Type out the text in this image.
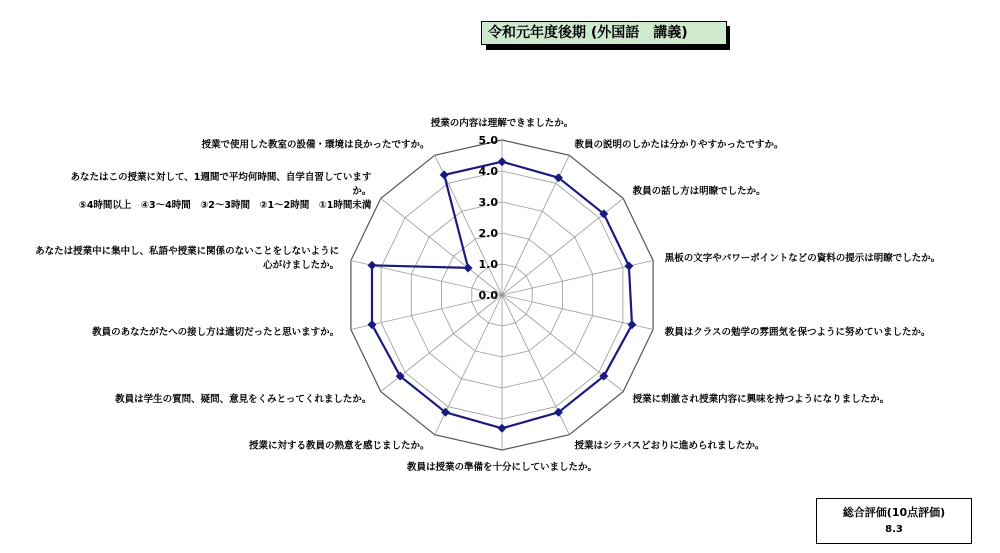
令和元年度後期 (外国語　講義)
0.0
1.0
2.0
3.0
4.0
5.0
授業の内容は理解できましたか。
教員の説明のしかたは分かりやすかったですか。
教員の話し方は明瞭でしたか。
黒板の文字やパワーポイントなどの資料の提示は明瞭でしたか。
教員はクラスの勉学の雰囲気を保つように努めていましたか。
授業に刺激され授業内容に興味を持つようになりましたか。
授業はシラバスどおりに進められましたか。
教員は授業の準備を十分にしていましたか。
授業に対する教員の熱意を感じましたか。
教員は学生の質問、疑問、意見をくみとってくれましたか。
教員のあなたがたへの接し方は適切だったと思いますか。
あなたは授業中に集中し、私語や授業に関係のないことをしないように心がけましたか。
あなたはこの授業に対して、1週間で平均何時間、自学自習していますか。 ⑤4時間以上　④3～4時間　③2～3時間　②1～2時間　①1時間未満
授業で使用した教室の設備・環境は良かったですか。
総合評価(10点評価)
8.3
